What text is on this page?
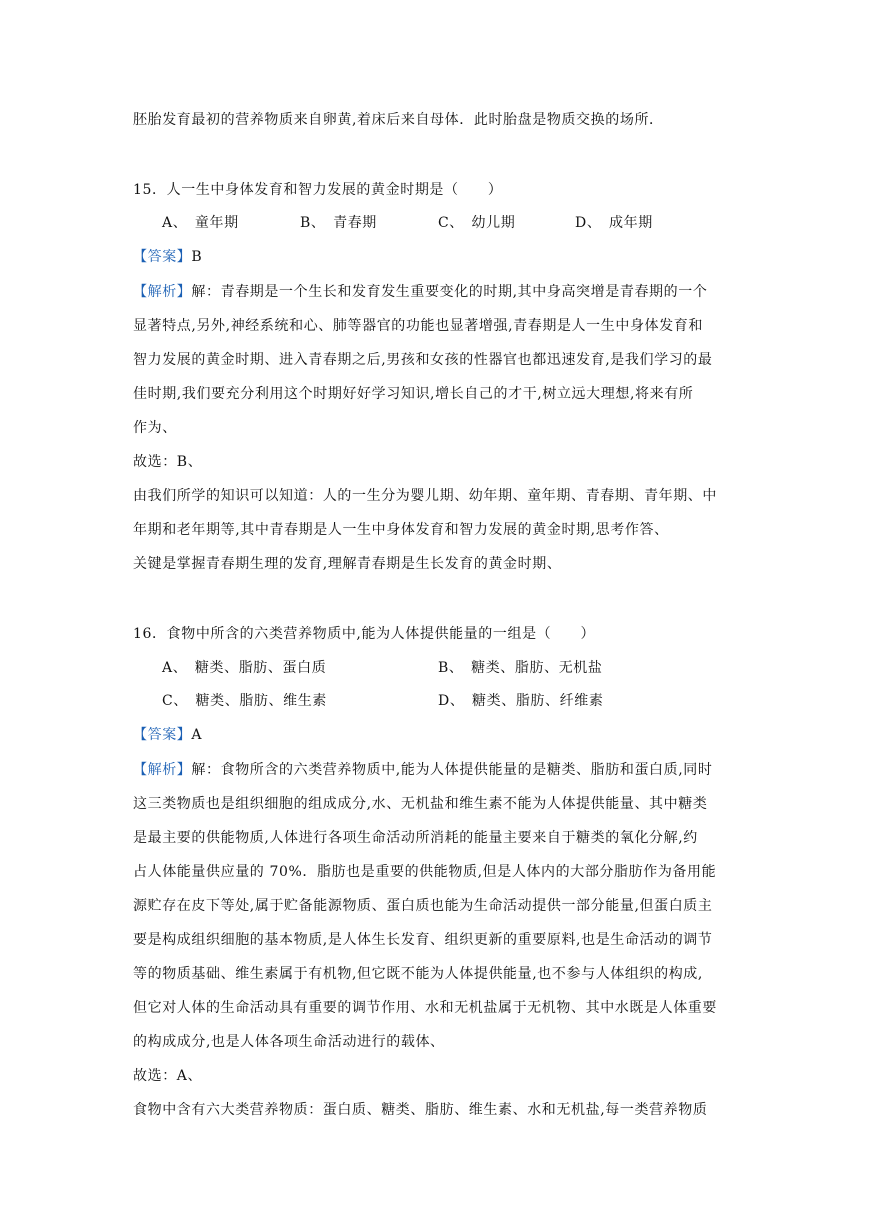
胚胎发育最初的营养物质来自卵黄,着床后来自母体．此时胎盘是物质交换的场所．
15．人一生中身体发育和智力发展的黄金时期是（　　）
A、　童年期	B、　青春期	C、　幼儿期	D、　成年期
【答案】B
【解析】解：青春期是一个生长和发育发生重要变化的时期,其中身高突增是青春期的一个
显著特点,另外,神经系统和心、肺等器官的功能也显著增强,青春期是人一生中身体发育和
智力发展的黄金时期、进入青春期之后,男孩和女孩的性器官也都迅速发育,是我们学习的最
佳时期,我们要充分利用这个时期好好学习知识,增长自己的才干,树立远大理想,将来有所
作为、
故选：B、
由我们所学的知识可以知道：人的一生分为婴儿期、幼年期、童年期、青春期、青年期、中
年期和老年期等,其中青春期是人一生中身体发育和智力发展的黄金时期,思考作答、
关键是掌握青春期生理的发育,理解青春期是生长发育的黄金时期、
16．食物中所含的六类营养物质中,能为人体提供能量的一组是（　　）
A、　糖类、脂肪、蛋白质	B、　糖类、脂肪、无机盐
C、　糖类、脂肪、维生素	D、　糖类、脂肪、纤维素
【答案】A
【解析】解：食物所含的六类营养物质中,能为人体提供能量的是糖类、脂肪和蛋白质,同时
这三类物质也是组织细胞的组成成分,水、无机盐和维生素不能为人体提供能量、其中糖类
是最主要的供能物质,人体进行各项生命活动所消耗的能量主要来自于糖类的氧化分解,约
占人体能量供应量的 70%．脂肪也是重要的供能物质,但是人体内的大部分脂肪作为备用能
源贮存在皮下等处,属于贮备能源物质、蛋白质也能为生命活动提供一部分能量,但蛋白质主
要是构成组织细胞的基本物质,是人体生长发育、组织更新的重要原料,也是生命活动的调节
等的物质基础、维生素属于有机物,但它既不能为人体提供能量,也不参与人体组织的构成,
但它对人体的生命活动具有重要的调节作用、水和无机盐属于无机物、其中水既是人体重要
的构成成分,也是人体各项生命活动进行的载体、
故选：A、
食物中含有六大类营养物质：蛋白质、糖类、脂肪、维生素、水和无机盐,每一类营养物质
